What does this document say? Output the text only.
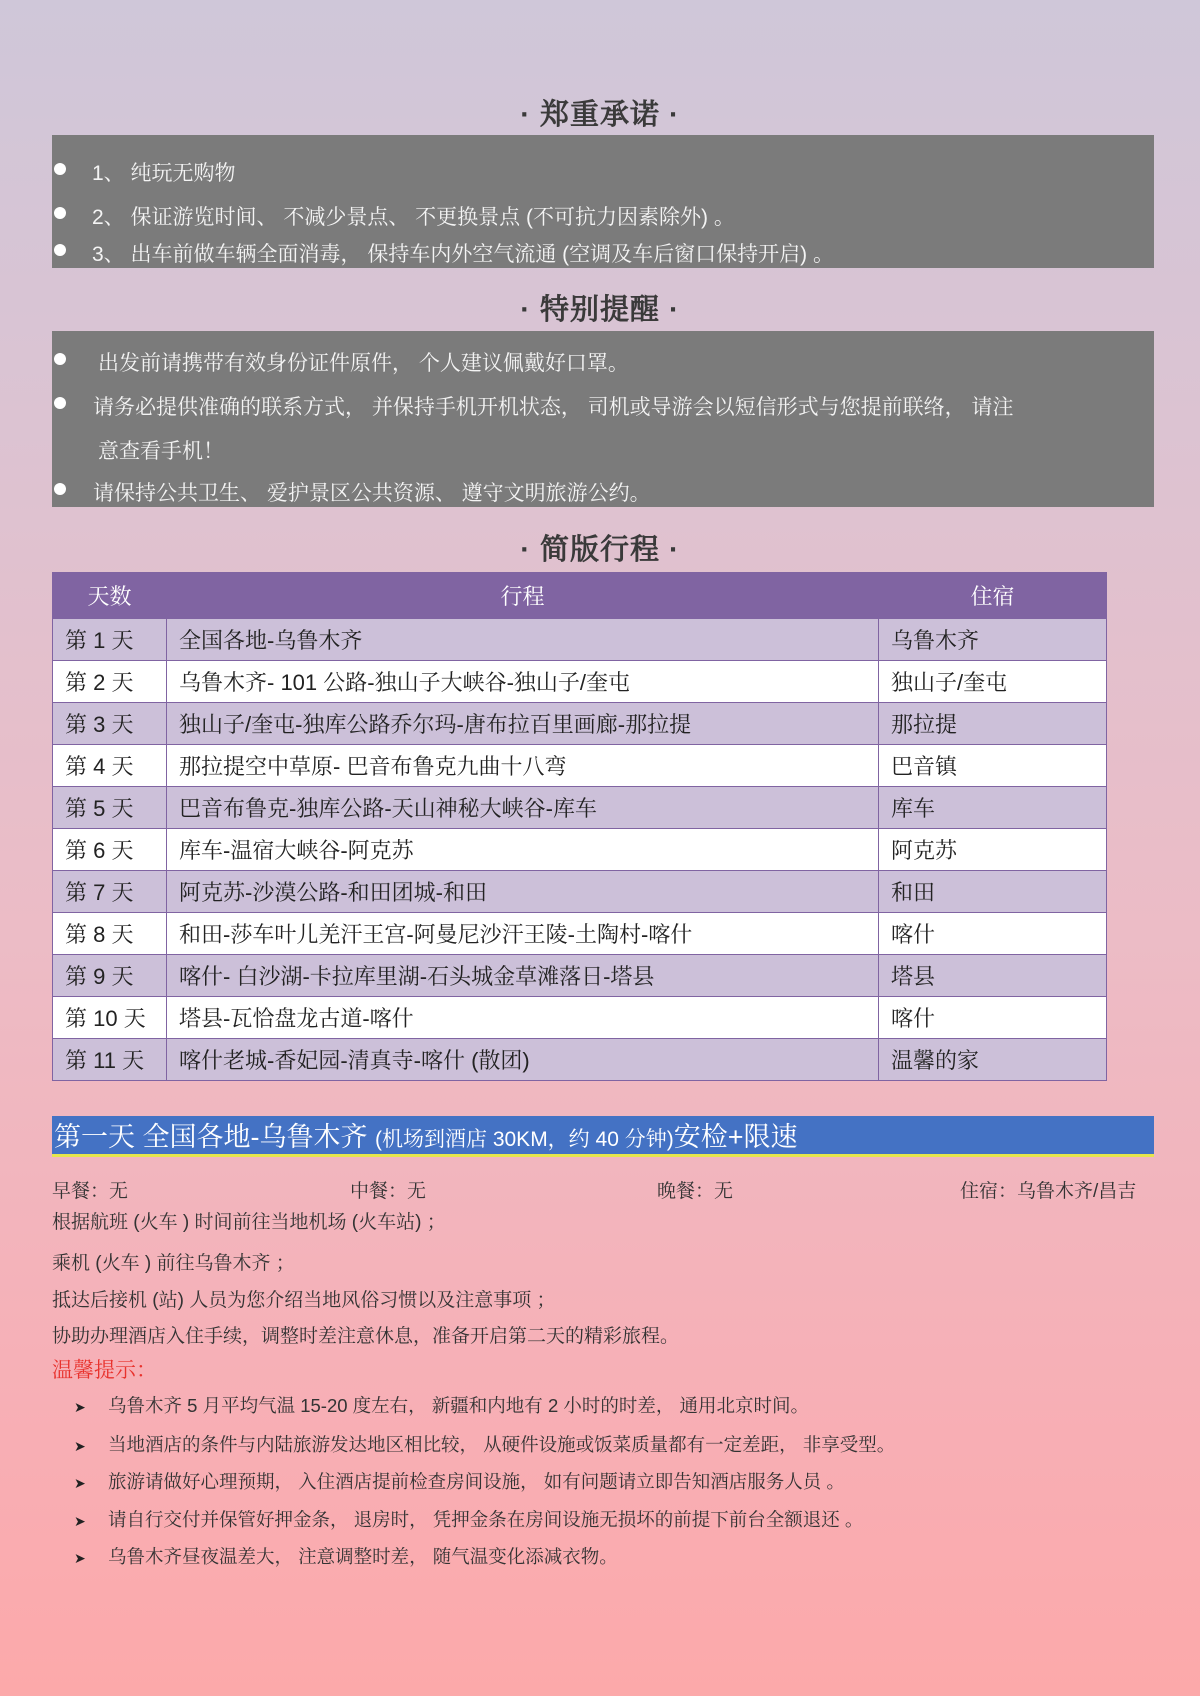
· 郑重承诺 ·
1、 纯玩无购物
2、 保证游览时间、 不减少景点、 不更换景点 (不可抗力因素除外) 。
3、 出车前做车辆全面消毒， 保持车内外空气流通 (空调及车后窗口保持开启) 。
· 特别提醒 ·
出发前请携带有效身份证件原件， 个人建议佩戴好口罩。
请务必提供准确的联系方式， 并保持手机开机状态， 司机或导游会以短信形式与您提前联络， 请注
意查看手机！
请保持公共卫生、 爱护景区公共资源、 遵守文明旅游公约。
· 简版行程 ·
天数	行程	住宿
第 1 天	全国各地-乌鲁木齐	乌鲁木齐
第 2 天	乌鲁木齐- 101 公路-独山子大峡谷-独山子/奎屯	独山子/奎屯
第 3 天	独山子/奎屯-独库公路乔尔玛-唐布拉百里画廊-那拉提	那拉提
第 4 天	那拉提空中草原- 巴音布鲁克九曲十八弯	巴音镇
第 5 天	巴音布鲁克-独库公路-天山神秘大峡谷-库车	库车
第 6 天	库车-温宿大峡谷-阿克苏	阿克苏
第 7 天	阿克苏-沙漠公路-和田团城-和田	和田
第 8 天	和田-莎车叶儿羌汗王宫-阿曼尼沙汗王陵-土陶村-喀什	喀什
第 9 天	喀什- 白沙湖-卡拉库里湖-石头城金草滩落日-塔县	塔县
第 10 天	塔县-瓦恰盘龙古道-喀什	喀什
第 11 天	喀什老城-香妃园-清真寺-喀什 (散团)	温馨的家
第一天 全国各地-乌鲁木齐 (机场到酒店 30KM，约 40 分钟)安检+限速
早餐：无	中餐：无	晚餐：无	住宿：乌鲁木齐/昌吉
根据航班 (火车 ) 时间前往当地机场 (火车站) ；
乘机 (火车 ) 前往乌鲁木齐 ；
抵达后接机 (站) 人员为您介绍当地风俗习惯以及注意事项 ；
协助办理酒店入住手续，调整时差注意休息，准备开启第二天的精彩旅程。
温馨提示：
➤ 乌鲁木齐 5 月平均气温 15-20 度左右， 新疆和内地有 2 小时的时差， 通用北京时间。
➤ 当地酒店的条件与内陆旅游发达地区相比较， 从硬件设施或饭菜质量都有一定差距， 非享受型。
➤ 旅游请做好心理预期， 入住酒店提前检查房间设施， 如有问题请立即告知酒店服务人员 。
➤ 请自行交付并保管好押金条， 退房时， 凭押金条在房间设施无损坏的前提下前台全额退还 。
➤ 乌鲁木齐昼夜温差大， 注意调整时差， 随气温变化添减衣物。
